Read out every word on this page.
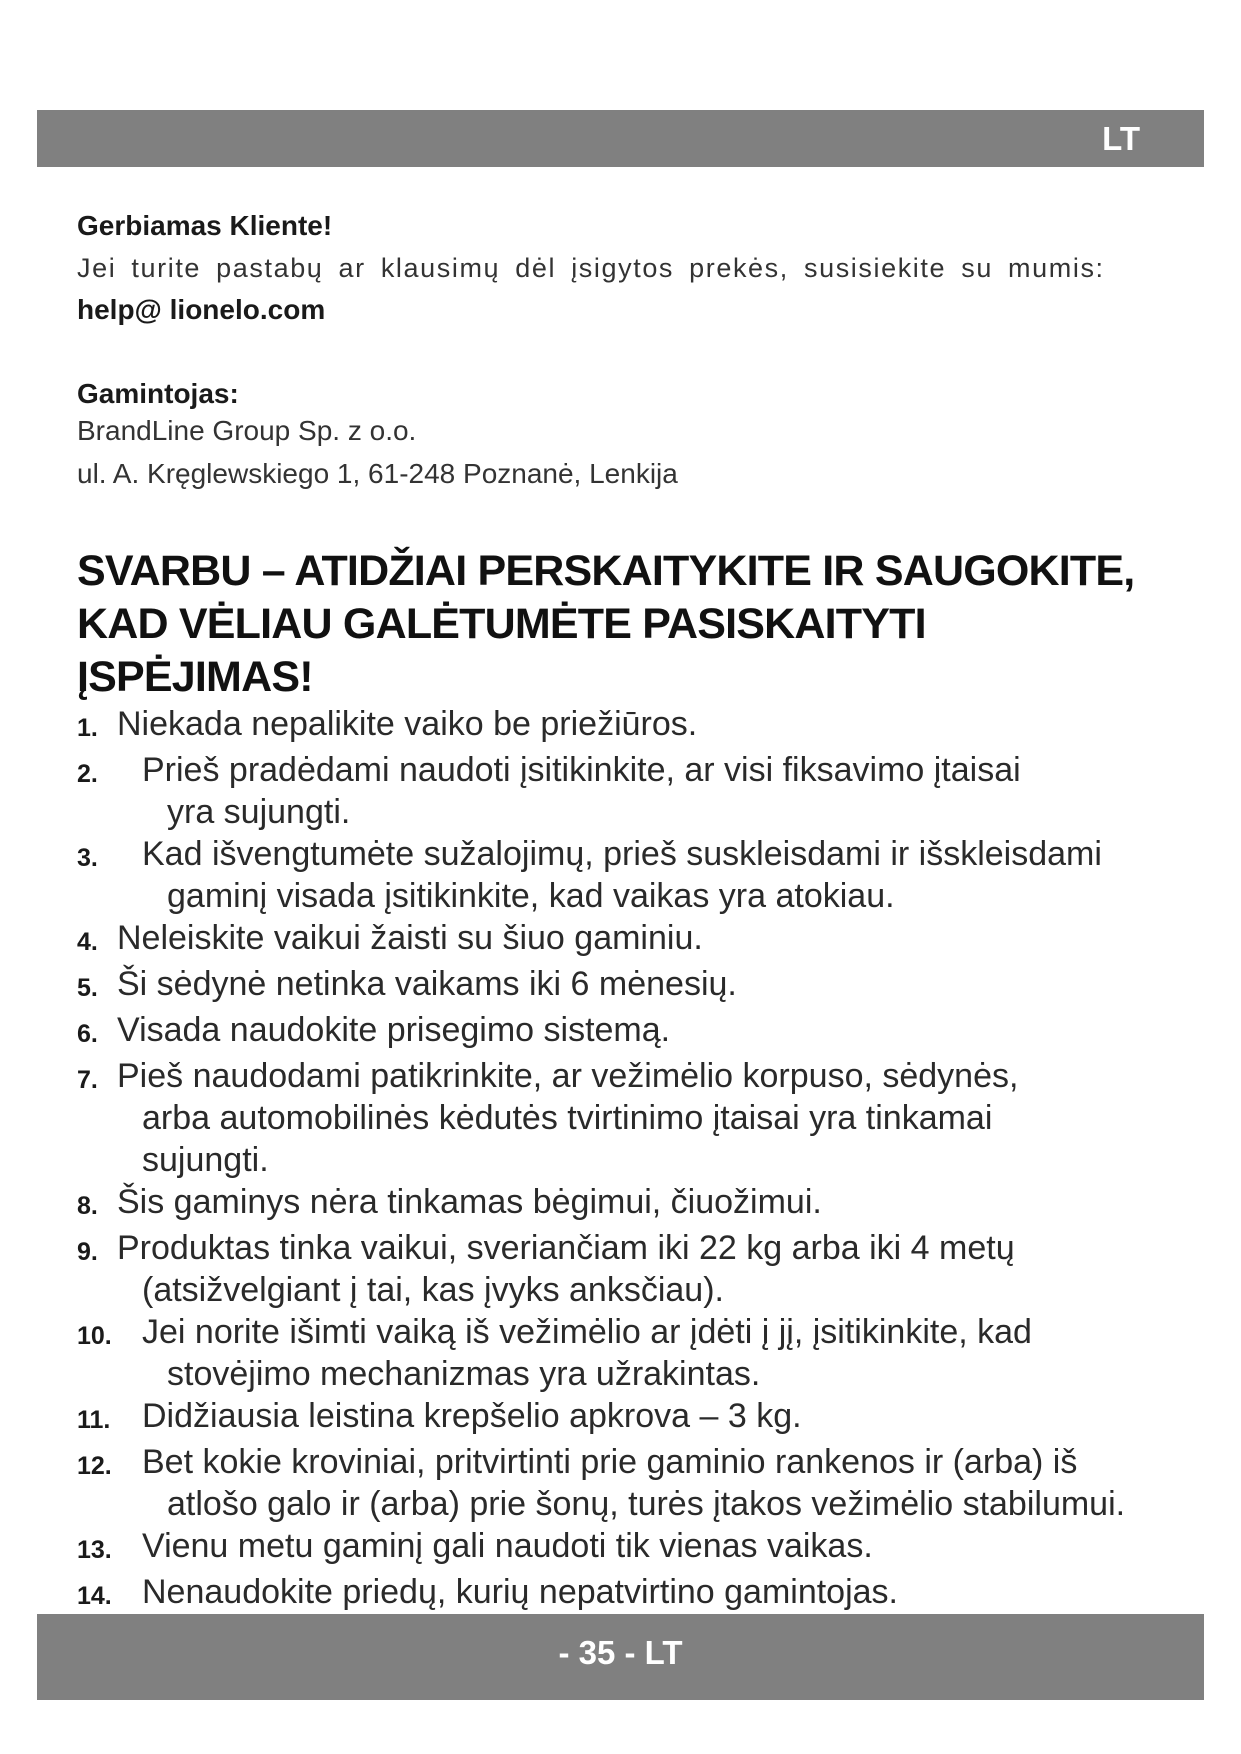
LT
Gerbiamas Kliente!
Jei turite pastabų ar klausimų dėl įsigytos prekės, susisiekite su mumis:
help@ lionelo.com
Gamintojas:
BrandLine Group Sp. z o.o.
ul. A. Kręglewskiego 1, 61-248 Poznanė, Lenkija
SVARBU – ATIDŽIAI PERSKAITYKITE IR SAUGOKITE,
KAD VĖLIAU GALĖTUMĖTE PASISKAITYTI
ĮSPĖJIMAS!
1. Niekada nepalikite vaiko be priežiūros.
2.	Prieš pradėdami naudoti įsitikinkite, ar visi fiksavimo įtaisai
yra sujungti.
3.	Kad išvengtumėte sužalojimų, prieš suskleisdami ir išskleisdami
gaminį visada įsitikinkite, kad vaikas yra atokiau.
4. Neleiskite vaikui žaisti su šiuo gaminiu.
5. Ši sėdynė netinka vaikams iki 6 mėnesių.
6. Visada naudokite prisegimo sistemą.
7. Pieš naudodami patikrinkite, ar vežimėlio korpuso, sėdynės,
arba automobilinės kėdutės tvirtinimo įtaisai yra tinkamai
sujungti.
8. Šis gaminys nėra tinkamas bėgimui, čiuožimui.
9. Produktas tinka vaikui, sveriančiam iki 22 kg arba iki 4 metų
(atsižvelgiant į tai, kas įvyks anksčiau).
10. Jei norite išimti vaiką iš vežimėlio ar įdėti į jį, įsitikinkite, kad
stovėjimo mechanizmas yra užrakintas.
11. Didžiausia leistina krepšelio apkrova – 3 kg.
12. Bet kokie kroviniai, pritvirtinti prie gaminio rankenos ir (arba) iš
atlošo galo ir (arba) prie šonų, turės įtakos vežimėlio stabilumui.
13. Vienu metu gaminį gali naudoti tik vienas vaikas.
14. Nenaudokite priedų, kurių nepatvirtino gamintojas.
- 35 - LT
